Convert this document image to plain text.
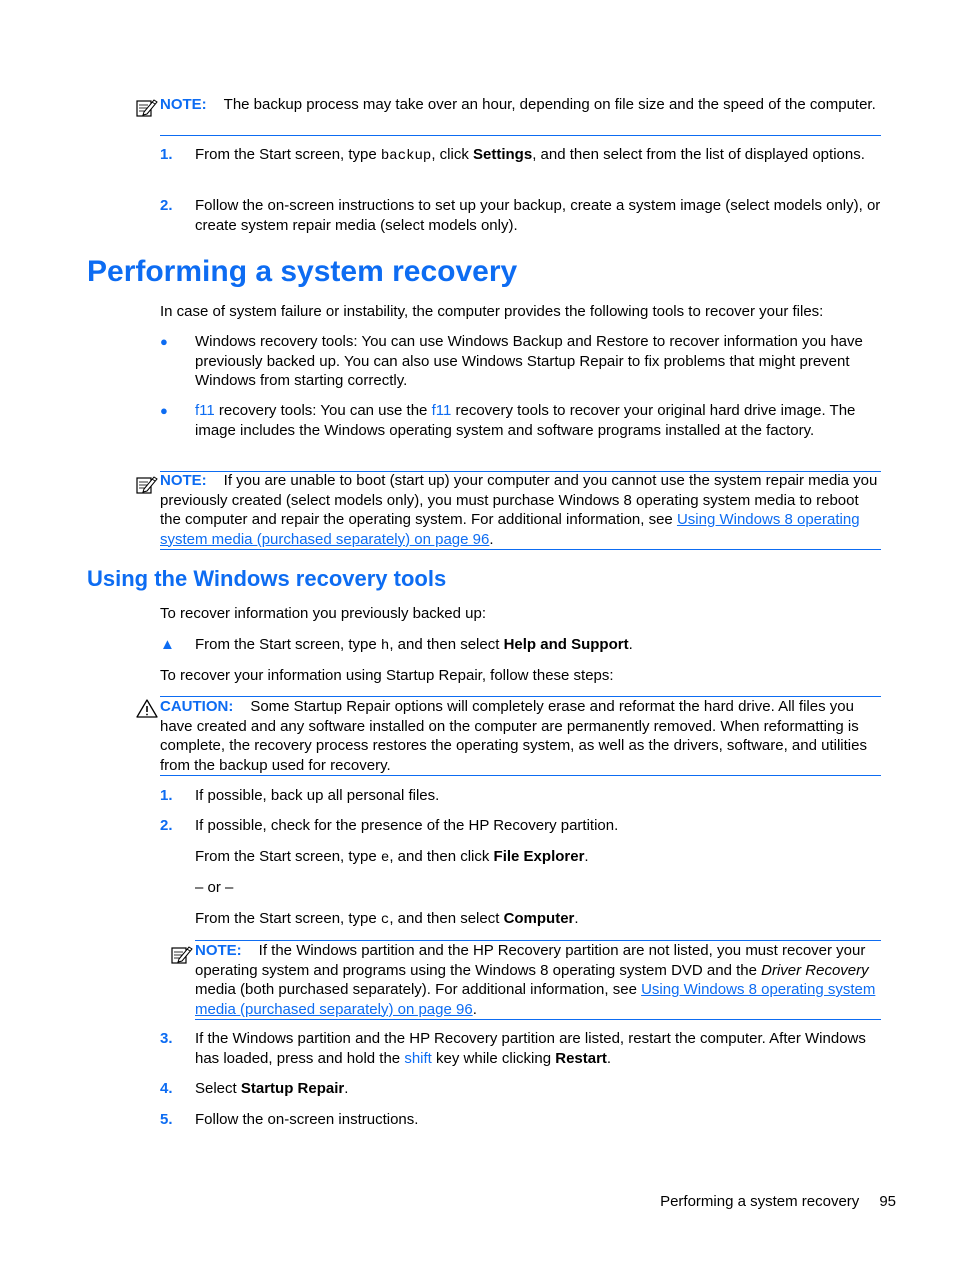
NOTE: The backup process may take over an hour, depending on file size and the speed of the computer.

1. From the Start screen, type backup, click Settings, and then select from the list of displayed options.
2. Follow the on-screen instructions to set up your backup, create a system image (select models only), or create system repair media (select models only).
Performing a system recovery

In case of system failure or instability, the computer provides the following tools to recover your files:

● Windows recovery tools: You can use Windows Backup and Restore to recover information you have previously backed up. You can also use Windows Startup Repair to fix problems that might prevent Windows from starting correctly.
● f11 recovery tools: You can use the f11 recovery tools to recover your original hard drive image. The image includes the Windows operating system and software programs installed at the factory.

NOTE: If you are unable to boot (start up) your computer and you cannot use the system repair media you previously created (select models only), you must purchase Windows 8 operating system media to reboot the computer and repair the operating system. For additional information, see Using Windows 8 operating system media (purchased separately) on page 96.

Using the Windows recovery tools

To recover information you previously backed up:

▲ From the Start screen, type h, and then select Help and Support.

To recover your information using Startup Repair, follow these steps:

CAUTION: Some Startup Repair options will completely erase and reformat the hard drive. All files you have created and any software installed on the computer are permanently removed. When reformatting is complete, the recovery process restores the operating system, as well as the drivers, software, and utilities from the backup used for recovery.

1. If possible, back up all personal files.
2. If possible, check for the presence of the HP Recovery partition.
From the Start screen, type e, and then click File Explorer.
– or –
From the Start screen, type c, and then select Computer.

NOTE: If the Windows partition and the HP Recovery partition are not listed, you must recover your operating system and programs using the Windows 8 operating system DVD and the Driver Recovery media (both purchased separately). For additional information, see Using Windows 8 operating system media (purchased separately) on page 96.

3. If the Windows partition and the HP Recovery partition are listed, restart the computer. After Windows has loaded, press and hold the shift key while clicking Restart.
4. Select Startup Repair.
5. Follow the on-screen instructions.
Performing a system recovery 95
